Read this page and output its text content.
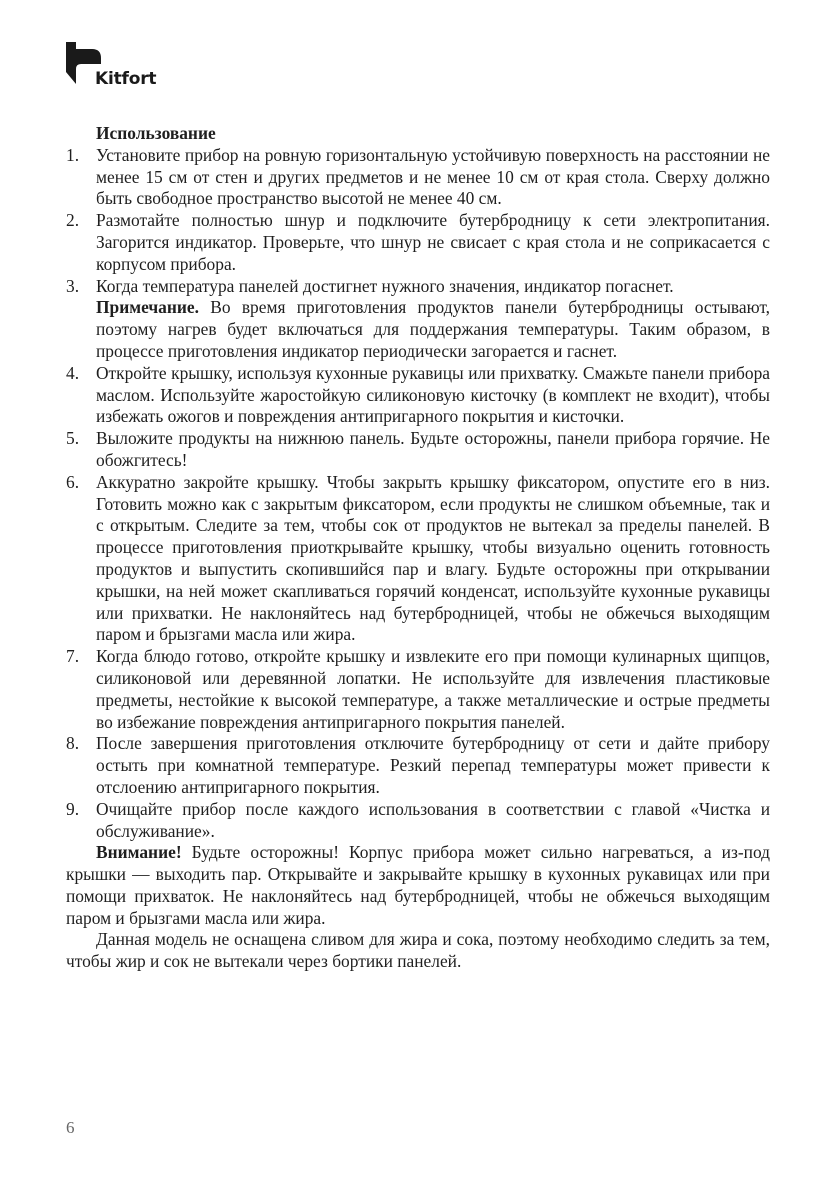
Kitfort
Использование
1. Установите прибор на ровную горизонтальную устойчивую поверхность на расстоянии не менее 15 см от стен и других предметов и не менее 10 см от края стола. Сверху должно быть свободное пространство высотой не менее 40 см.
2. Размотайте полностью шнур и подключите бутербродницу к сети электропитания. Загорится индикатор. Проверьте, что шнур не свисает с края стола и не соприкасается с корпусом прибора.
3. Когда температура панелей достигнет нужного значения, индикатор погаснет.
Примечание. Во время приготовления продуктов панели бутербродницы остывают, поэтому нагрев будет включаться для поддержания температуры. Таким образом, в процессе приготовления индикатор периодически загорается и гаснет.
4. Откройте крышку, используя кухонные рукавицы или прихватку. Смажьте панели прибора маслом. Используйте жаростойкую силиконовую кисточку (в комплект не входит), чтобы избежать ожогов и повреждения антипригарного покрытия и кисточки.
5. Выложите продукты на нижнюю панель. Будьте осторожны, панели прибора горячие. Не обожгитесь!
6. Аккуратно закройте крышку. Чтобы закрыть крышку фиксатором, опустите его в низ. Готовить можно как с закрытым фиксатором, если продукты не слишком объемные, так и с открытым. Следите за тем, чтобы сок от продуктов не вытекал за пределы панелей. В процессе приготовления приоткрывайте крышку, чтобы визуально оценить готовность продуктов и выпустить скопившийся пар и влагу. Будьте осторожны при открывании крышки, на ней может скапливаться горячий конденсат, используйте кухонные рукавицы или прихватки. Не наклоняйтесь над бутербродницей, чтобы не обжечься выходящим паром и брызгами масла или жира.
7. Когда блюдо готово, откройте крышку и извлеките его при помощи кулинарных щипцов, силиконовой или деревянной лопатки. Не используйте для извлечения пластиковые предметы, нестойкие к высокой температуре, а также металлические и острые предметы во избежание повреждения антипригарного покрытия панелей.
8. После завершения приготовления отключите бутербродницу от сети и дайте прибору остыть при комнатной температуре. Резкий перепад температуры может привести к отслоению антипригарного покрытия.
9. Очищайте прибор после каждого использования в соответствии с главой «Чистка и обслуживание».
Внимание! Будьте осторожны! Корпус прибора может сильно нагреваться, а из-под крышки — выходить пар. Открывайте и закрывайте крышку в кухонных рукавицах или при помощи прихваток. Не наклоняйтесь над бутербродницей, чтобы не обжечься выходящим паром и брызгами масла или жира.
Данная модель не оснащена сливом для жира и сока, поэтому необходимо следить за тем, чтобы жир и сок не вытекали через бортики панелей.
6
